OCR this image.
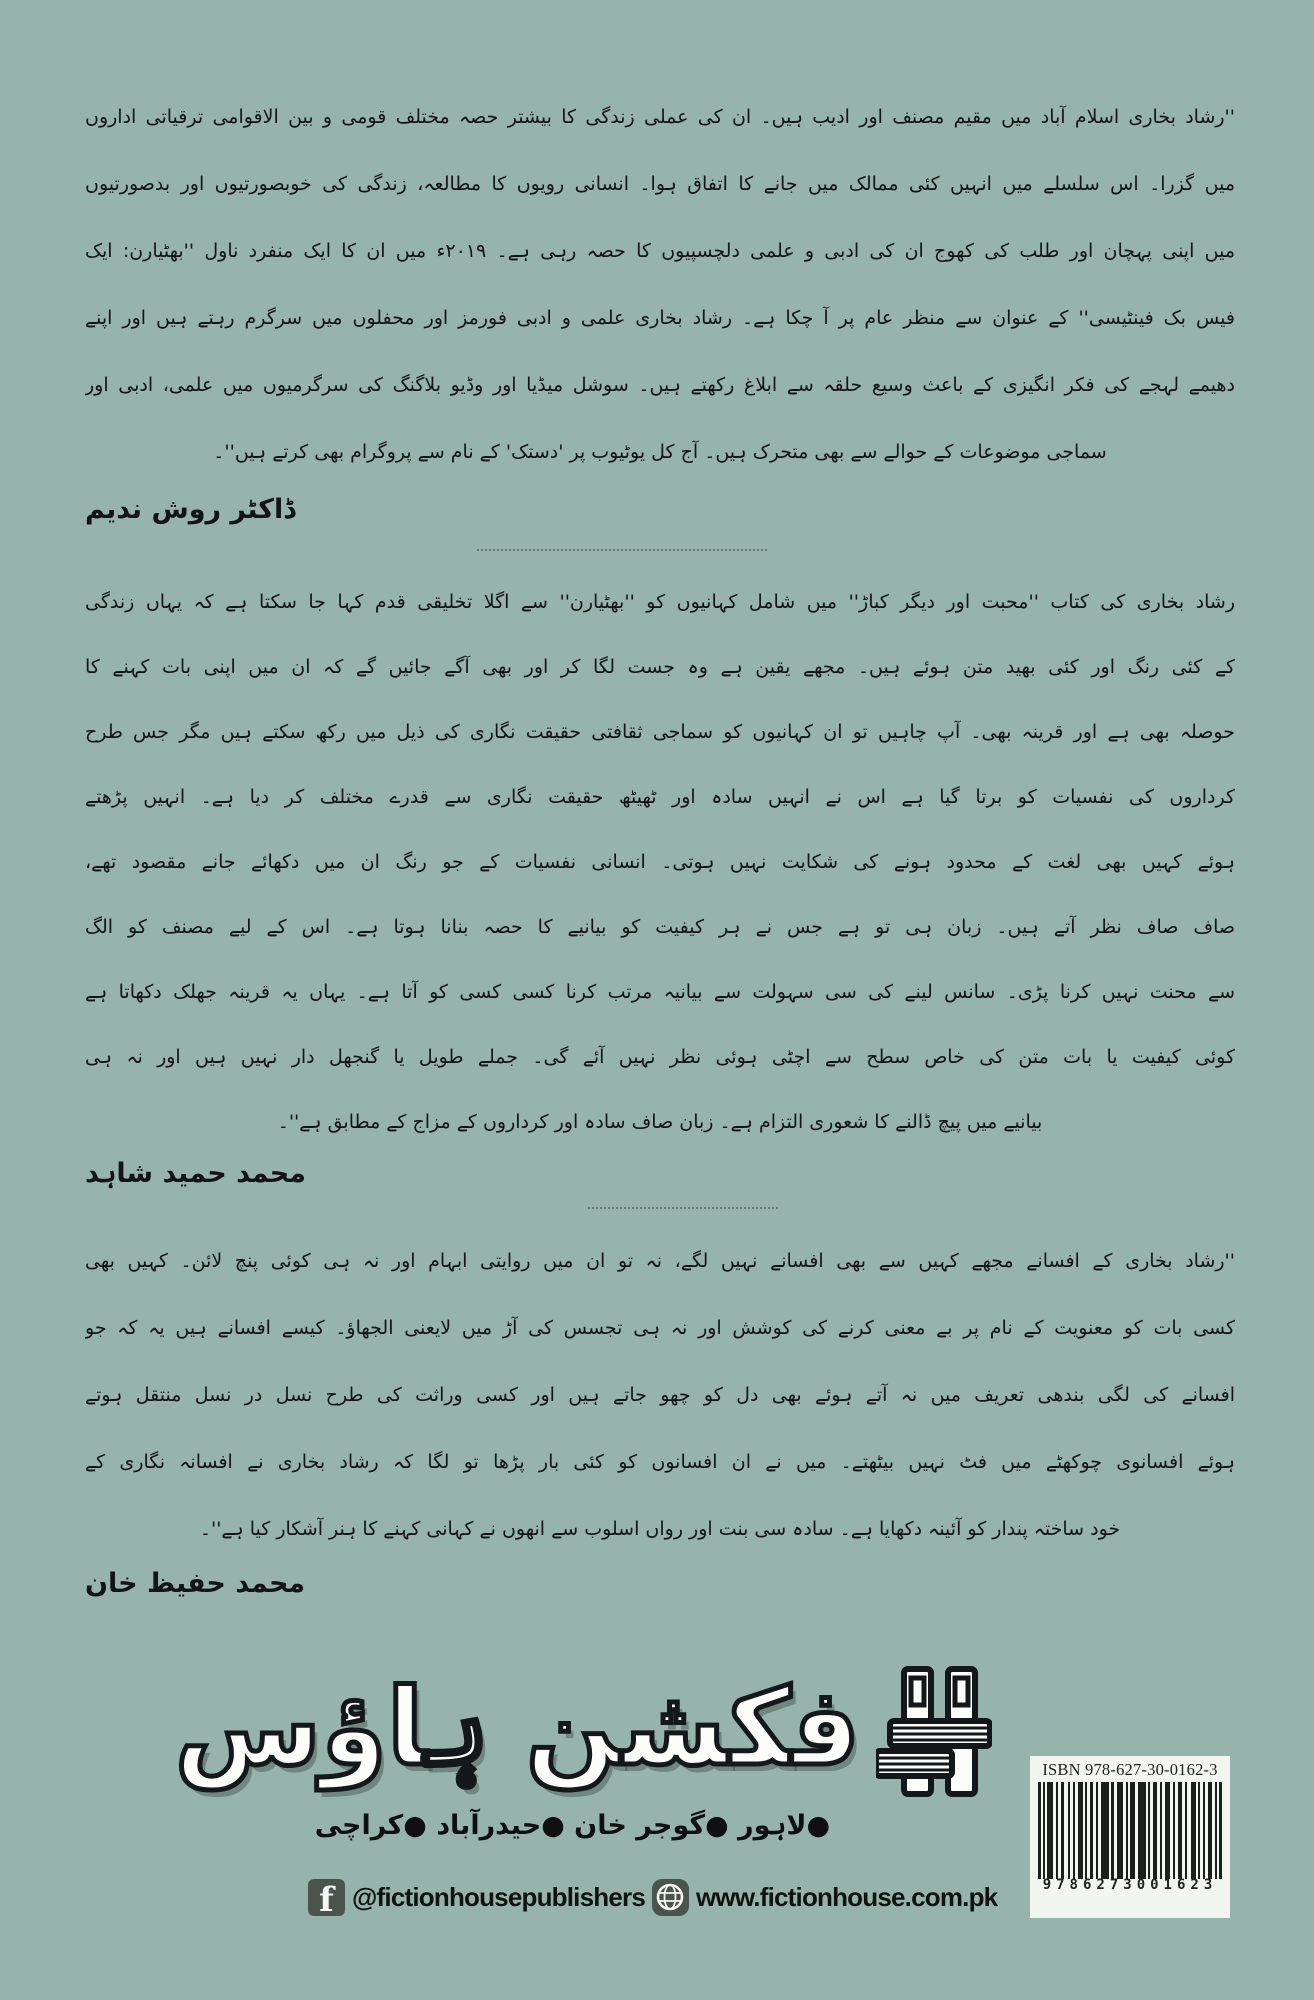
''رشاد بخاری اسلام آباد میں مقیم مصنف اور ادیب ہیں۔ ان کی عملی زندگی کا بیشتر حصہ مختلف قومی و بین الاقوامی ترقیاتی اداروں
میں گزرا۔ اس سلسلے میں انہیں کئی ممالک میں جانے کا اتفاق ہوا۔ انسانی رویوں کا مطالعہ، زندگی کی خوبصورتیوں اور بدصورتیوں
میں اپنی پہچان اور طلب کی کھوج ان کی ادبی و علمی دلچسپیوں کا حصہ رہی ہے۔ ۲۰۱۹ء میں ان کا ایک منفرد ناول ''بھٹیارن: ایک
فیس بک فینٹیسی'' کے عنوان سے منظر عام پر آ چکا ہے۔ رشاد بخاری علمی و ادبی فورمز اور محفلوں میں سرگرم رہتے ہیں اور اپنے
دھیمے لہجے کی فکر انگیزی کے باعث وسیع حلقہ سے ابلاغ رکھتے ہیں۔ سوشل میڈیا اور وڈیو بلاگنگ کی سرگرمیوں میں علمی، ادبی اور
سماجی موضوعات کے حوالے سے بھی متحرک ہیں۔ آج کل یوٹیوب پر 'دستک' کے نام سے پروگرام بھی کرتے ہیں''۔
ڈاکٹر روش ندیم
رشاد بخاری کی کتاب ''محبت اور دیگر کباڑ'' میں شامل کہانیوں کو ''بھٹیارن'' سے اگلا تخلیقی قدم کہا جا سکتا ہے کہ یہاں زندگی
کے کئی رنگ اور کئی بھید متن ہوئے ہیں۔ مجھے یقین ہے وہ جست لگا کر اور بھی آگے جائیں گے کہ ان میں اپنی بات کہنے کا
حوصلہ بھی ہے اور قرینہ بھی۔ آپ چاہیں تو ان کہانیوں کو سماجی ثقافتی حقیقت نگاری کی ذیل میں رکھ سکتے ہیں مگر جس طرح
کرداروں کی نفسیات کو برتا گیا ہے اس نے انہیں سادہ اور ٹھیٹھ حقیقت نگاری سے قدرے مختلف کر دیا ہے۔ انہیں پڑھتے
ہوئے کہیں بھی لغت کے محدود ہونے کی شکایت نہیں ہوتی۔ انسانی نفسیات کے جو رنگ ان میں دکھائے جانے مقصود تھے،
صاف صاف نظر آتے ہیں۔ زبان ہی تو ہے جس نے ہر کیفیت کو بیانیے کا حصہ بنانا ہوتا ہے۔ اس کے لیے مصنف کو الگ
سے محنت نہیں کرنا پڑی۔ سانس لینے کی سی سہولت سے بیانیہ مرتب کرنا کسی کسی کو آتا ہے۔ یہاں یہ قرینہ جھلک دکھاتا ہے
کوئی کیفیت یا بات متن کی خاص سطح سے اچٹی ہوئی نظر نہیں آئے گی۔ جملے طویل یا گنجھل دار نہیں ہیں اور نہ ہی
بیانیے میں پیچ ڈالنے کا شعوری التزام ہے۔ زبان صاف سادہ اور کرداروں کے مزاج کے مطابق ہے''۔
محمد حمید شاہد
''رشاد بخاری کے افسانے مجھے کہیں سے بھی افسانے نہیں لگے، نہ تو ان میں روایتی ابہام اور نہ ہی کوئی پنچ لائن۔ کہیں بھی
کسی بات کو معنویت کے نام پر بے معنی کرنے کی کوشش اور نہ ہی تجسس کی آڑ میں لایعنی الجھاؤ۔ کیسے افسانے ہیں یہ کہ جو
افسانے کی لگی بندھی تعریف میں نہ آتے ہوئے بھی دل کو چھو جاتے ہیں اور کسی وراثت کی طرح نسل در نسل منتقل ہوتے
ہوئے افسانوی چوکھٹے میں فٹ نہیں بیٹھتے۔ میں نے ان افسانوں کو کئی بار پڑھا تو لگا کہ رشاد بخاری نے افسانہ نگاری کے
خود ساختہ پندار کو آئینہ دکھایا ہے۔ سادہ سی بنت اور رواں اسلوب سے انھوں نے کہانی کہنے کا ہنر آشکار کیا ہے''۔
محمد حفیظ خان
فکشن ہاؤس
●لاہور ●گوجر خان ●حیدرآباد ●کراچی
f @fictionhousepublishers www.fictionhouse.com.pk
ISBN 978-627-30-0162-3
9786273001623
